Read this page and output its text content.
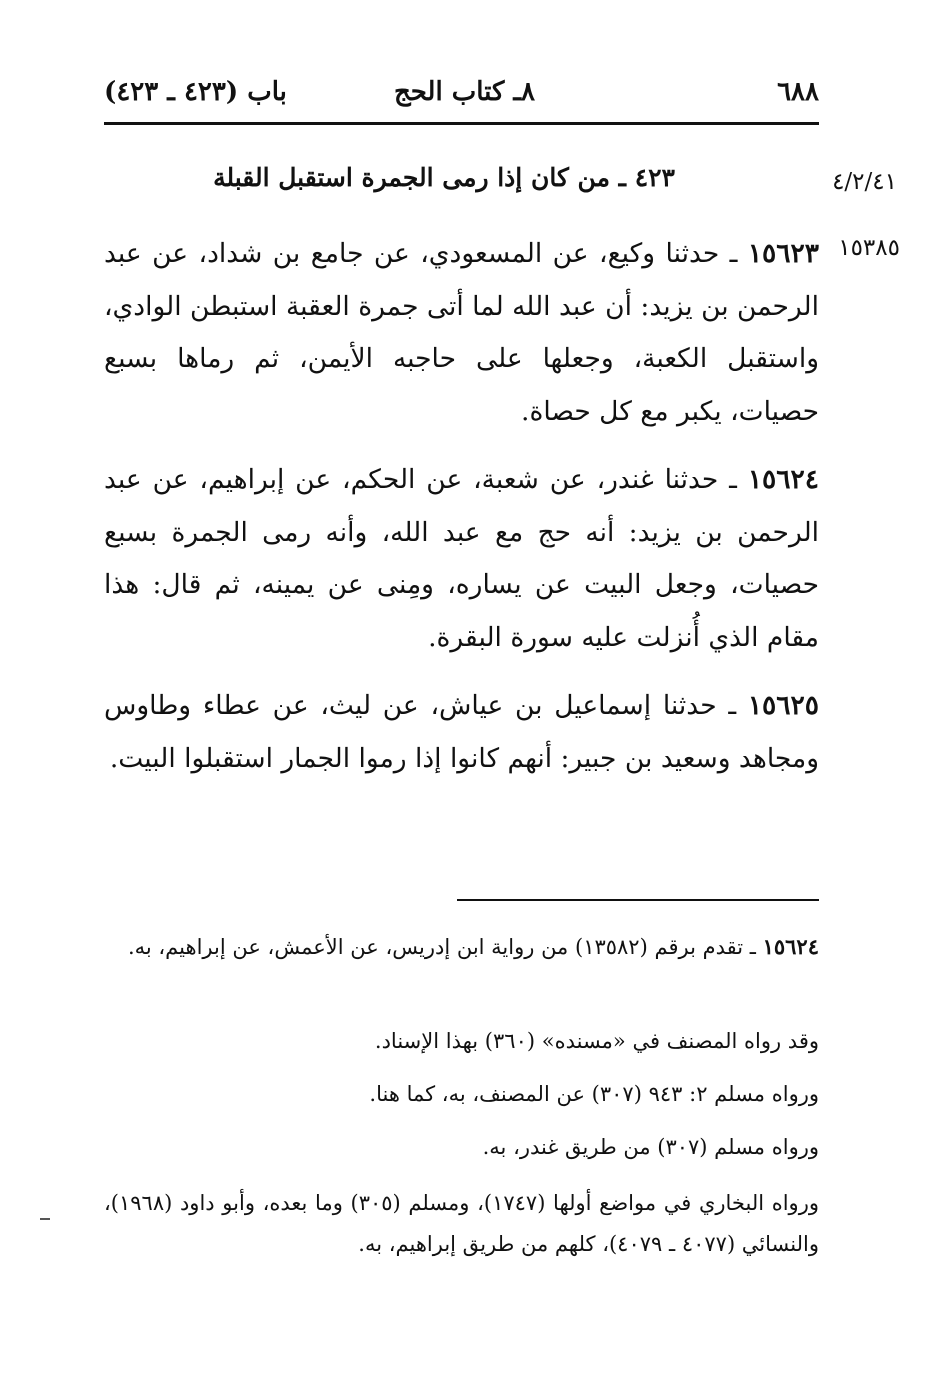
٦٨٨
٨ـ كتاب الحج
باب (٤٢٣ ـ ٤٢٣)
٤/٢/٤١
٤٢٣ ـ من كان إذا رمى الجمرة استقبل القبلة
١٥٣٨٥
١٥٦٢٣ ـ حدثنا وكيع، عن المسعودي، عن جامع بن شداد، عن عبد الرحمن بن يزيد: أن عبد الله لما أتى جمرة العقبة استبطن الوادي، واستقبل الكعبة، وجعلها على حاجبه الأيمن، ثم رماها بسبع حصيات، يكبر مع كل حصاة.
١٥٦٢٤ ـ حدثنا غندر، عن شعبة، عن الحكم، عن إبراهيم، عن عبد الرحمن بن يزيد: أنه حج مع عبد الله، وأنه رمى الجمرة بسبع حصيات، وجعل البيت عن يساره، ومِنى عن يمينه، ثم قال: هذا مقام الذي أُنزلت عليه سورة البقرة.
١٥٦٢٥ ـ حدثنا إسماعيل بن عياش، عن ليث، عن عطاء وطاوس ومجاهد وسعيد بن جبير: أنهم كانوا إذا رموا الجمار استقبلوا البيت.
١٥٦٢٤ ـ تقدم برقم (١٣٥٨٢) من رواية ابن إدريس، عن الأعمش، عن إبراهيم، به.
وقد رواه المصنف في «مسنده» (٣٦٠) بهذا الإسناد.
ورواه مسلم ٢: ٩٤٣ (٣٠٧) عن المصنف، به، كما هنا.
ورواه مسلم (٣٠٧) من طريق غندر، به.
ورواه البخاري في مواضع أولها (١٧٤٧)، ومسلم (٣٠٥) وما بعده، وأبو داود (١٩٦٨)، والنسائي (٤٠٧٧ ـ ٤٠٧٩)، كلهم من طريق إبراهيم، به.
